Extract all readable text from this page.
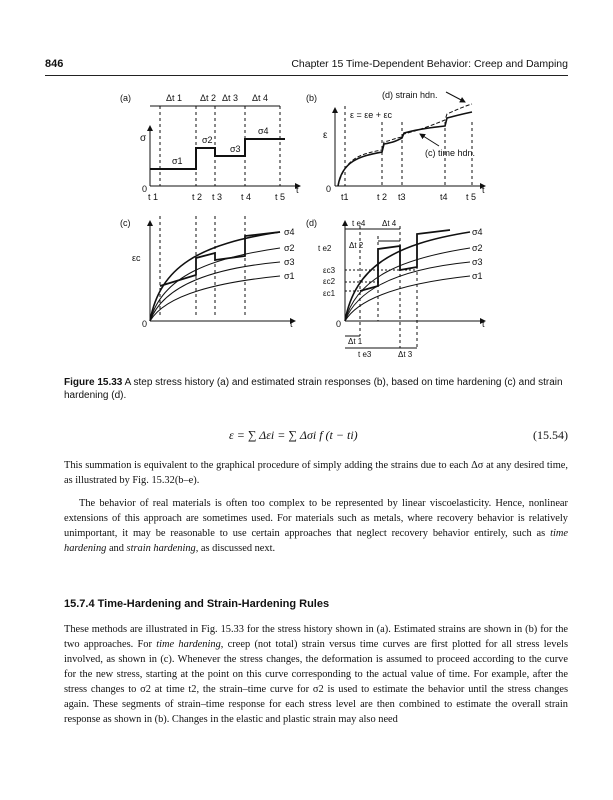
846	Chapter 15 Time-Dependent Behavior: Creep and Damping
(a)	(b)
(c)	(d)
Δt 1 Δt 2 Δt 3 Δt 4
σ
σ1
σ2
σ3
σ4
0	t
t 1	t 2 t 3 t 4	t 5
ε
(d) strain hdn.
ε = εe + εc
(c) time hdn.
0	t
t1	t 2 t3	t4 t 5
εc
σ4
σ2
σ3
σ1
0	t
t e4 Δt 4
t e2 Δt 2
εc3
εc2
εc1
σ4
σ2
σ3
σ1
0	t
Δt 1
t e3	Δt 3
Figure 15.33 A step stress history (a) and estimated strain responses (b), based on time hardening (c) and strain hardening (d).
ε = ∑ Δεi = ∑ Δσi f (t − ti)	(15.54)

This summation is equivalent to the graphical procedure of simply adding the strains due to each Δσ at any desired time, as illustrated by Fig. 15.32(b–e).

The behavior of real materials is often too complex to be represented by linear viscoelasticity. Hence, nonlinear extensions of this approach are sometimes used. For materials such as metals, where recovery behavior is relatively unimportant, it may be reasonable to use certain approaches that neglect recovery behavior entirely, such as time hardening and strain hardening, as discussed next.

15.7.4 Time-Hardening and Strain-Hardening Rules

These methods are illustrated in Fig. 15.33 for the stress history shown in (a). Estimated strains are shown in (b) for the two approaches. For time hardening, creep (not total) strain versus time curves are first plotted for all stress levels involved, as shown in (c). Whenever the stress changes, the deformation is assumed to proceed according to the curve for the new stress, starting at the point on this curve corresponding to the actual value of time. For example, after the stress changes to σ2 at time t2, the strain–time curve for σ2 is used to estimate the behavior until the stress changes again. These segments of strain–time response for each stress level are then combined to estimate the overall strain response as shown in (b). Changes in the elastic and plastic strain may also need
